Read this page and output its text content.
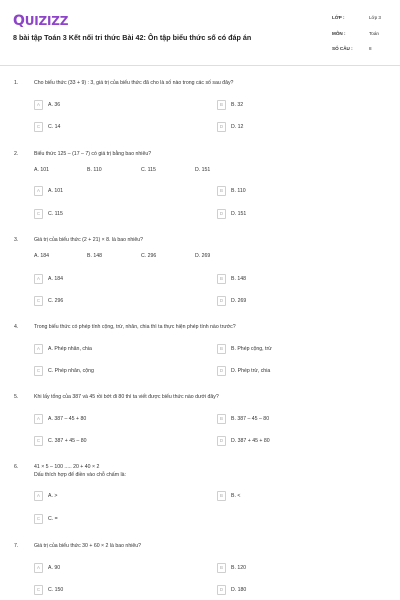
QUIZIZZ
8 bài tập Toán 3 Kết nối tri thức Bài 42: Ôn tập biểu thức số có đáp án
LỚP :	Lớp 3
MÔN :	Toán
SỐ CÂU :	8
1.	Cho biểu thức (33 + 9) : 3, giá trị của biểu thức đã cho là số nào trong các số sau đây?
A	A. 36	B	B. 32
C	C. 14	D	D. 12
2.	Biểu thức 125 – (17 – 7) có giá trị bằng bao nhiêu?
A. 101	B. 110	C. 115	D. 151
A	A. 101	B	B. 110
C	C. 115	D	D. 151
3.	Giá trị của biểu thức (2 + 21) × 8. là bao nhiêu?
A. 184	B. 148	C. 296	D. 269
A	A. 184	B	B. 148
C	C. 296	D	D. 269
4.	Trong biểu thức có phép tính cộng, trừ, nhân, chia thì ta thực hiện phép tính nào trước?
A	A. Phép nhân, chia	B	B. Phép cộng, trừ
C	C. Phép nhân, cộng	D	D. Phép trừ, chia
5.	Khi lấy tổng của 387 và 45 rồi bớt đi 80 thì ta viết được biểu thức nào dưới đây?
A	A. 387 – 45 + 80	B	B. 387 – 45 – 80
C	C. 387 + 45 – 80	D	D. 387 + 45 + 80
6.	41 × 5 – 100 ..... 20 + 40 × 2
Dấu thích hợp để điền vào chỗ chấm là:
A	A. >	B	B. <
C	C. =
7.	Giá trị của biểu thức 30 + 60 × 2 là bao nhiêu?
A	A. 90	B	B. 120
C	C. 150	D	D. 180
